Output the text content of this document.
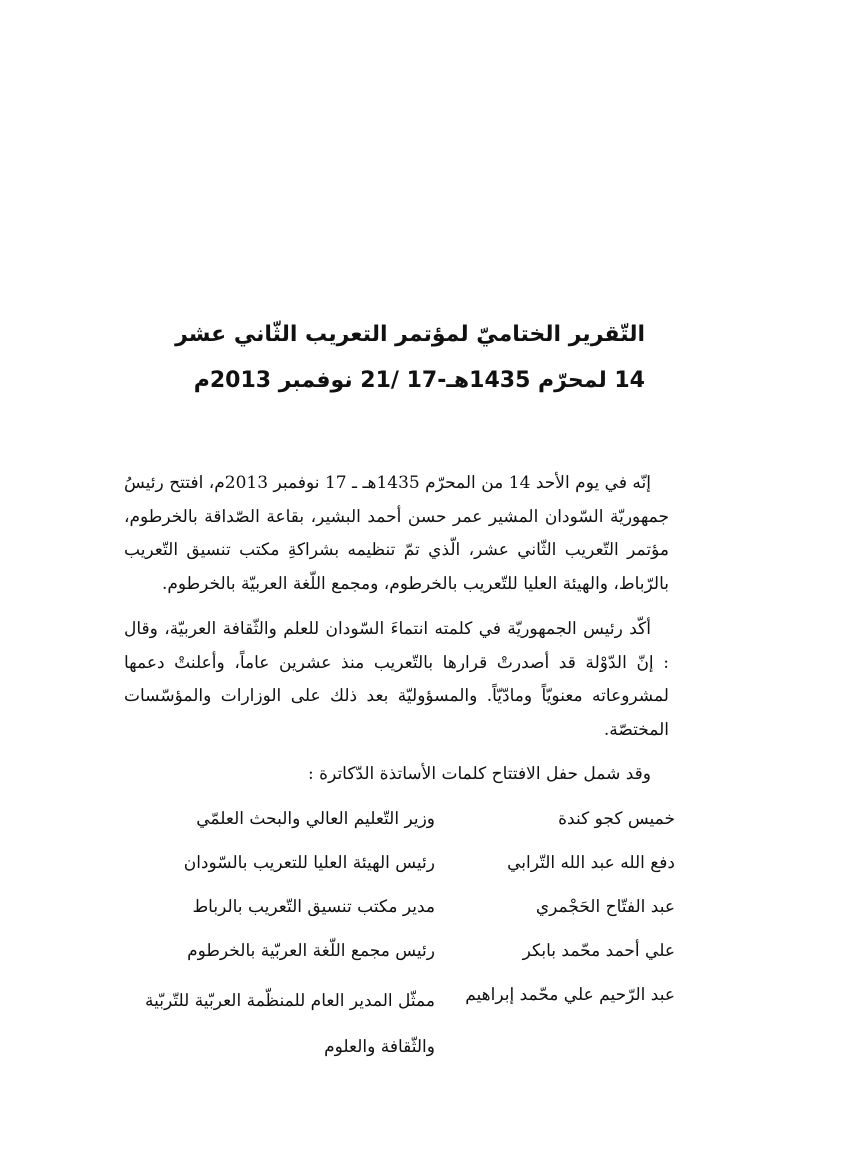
التّقرير الختاميّ لمؤتمر التعريب الثّاني عشر
14 لمحرّم 1435هـ-17 /21 نوفمبر 2013م

إنّه في يوم الأحد 14 من المحرّم 1435هـ ـ 17 نوفمبر 2013م، افتتح رئيسُ جمهوريّة السّودان المشير عمر حسن أحمد البشير، بقاعة الصّداقة بالخرطوم، مؤتمر التّعريب الثّاني عشر، الّذي تمّ تنظيمه بشراكةِ مكتب تنسيق التّعريب بالرّباط، والهيئة العليا للتّعريب بالخرطوم، ومجمع اللّغة العربيّة بالخرطوم.

أكّد رئيس الجمهوريّة في كلمته انتماءَ السّودان للعلم والثّقافة العربيّة، وقال : إنّ الدّوْلة قد أصدرتْ قرارها بالتّعريب منذ عشرين عاماً، وأعلنتْ دعمها لمشروعاته معنويّاً ومادّيّاً. والمسؤوليّة بعد ذلك على الوزارات والمؤسّسات المختصّة.

وقد شمل حفل الافتتاح كلمات الأساتذة الدّكاترة :
خميس كجو كندة
وزير التّعليم العالي والبحث العلمّي
دفع الله عبد الله التّرابي
رئيس الهيئة العليا للتعريب بالسّودان
عبد الفتّاح الحَجْمري
مدير مكتب تنسيق التّعريب بالرباط
علي أحمد محّمد بابكر
رئيس مجمع اللّغة العربّية بالخرطوم
عبد الرّحيم علي محّمد إبراهيم
ممثّل المدير العام للمنظّمة العربّية للتّربّية والثّقافة والعلوم
